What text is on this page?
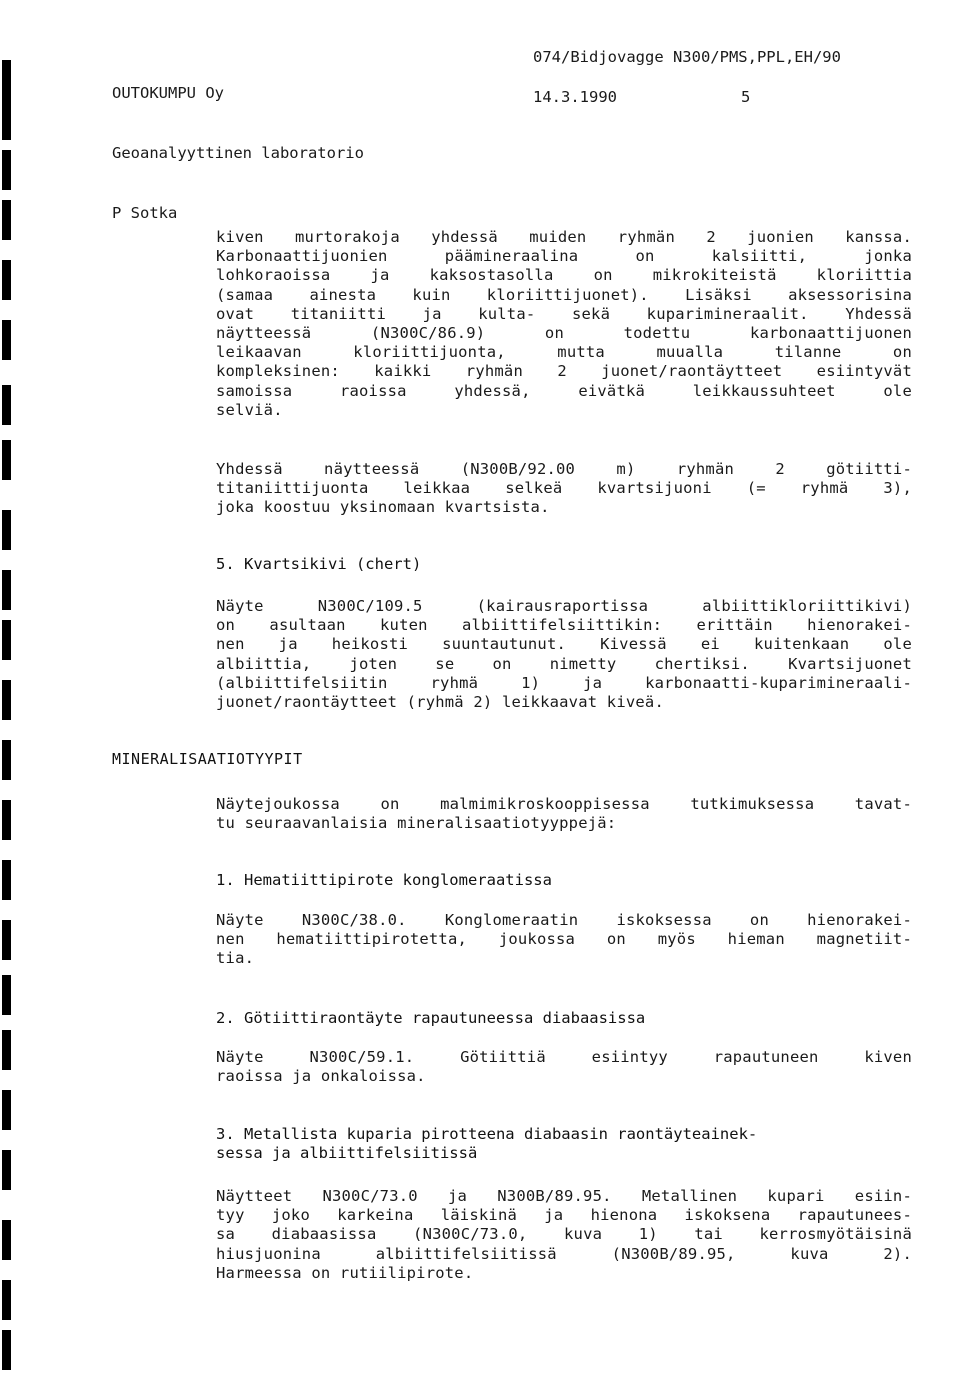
OUTOKUMPU Oy

Geoanalyyttinen laboratorio

P Sotka

074/Bidjovagge N300/PMS,PPL,EH/90
14.3.1990	5
kiven murtorakoja yhdessä muiden ryhmän 2 juonien kanssa.
Karbonaattijuonien päämineraalina on kalsiitti, jonka
lohkoraoissa ja kaksostasolla on mikrokiteistä kloriittia
(samaa ainesta kuin kloriittijuonet). Lisäksi aksessorisina
ovat titaniitti ja kulta- sekä kuparimineraalit. Yhdessä
näytteessä (N300C/86.9) on todettu karbonaattijuonen
leikaavan kloriittijuonta, mutta muualla tilanne on
kompleksinen: kaikki ryhmän 2 juonet/raontäytteet esiintyvät
samoissa raoissa yhdessä, eivätkä leikkaussuhteet ole
selviä.
Yhdessä näytteessä (N300B/92.00 m) ryhmän 2 götiitti-
titaniittijuonta leikkaa selkeä kvartsijuoni (= ryhmä 3),
joka koostuu yksinomaan kvartsista.
5. Kvartsikivi (chert)
Näyte N300C/109.5 (kairausraportissa albiittikloriittikivi)
on asultaan kuten albiittifelsiittikin: erittäin hienorakei-
nen ja heikosti suuntautunut. Kivessä ei kuitenkaan ole
albiittia, joten se on nimetty chertiksi. Kvartsijuonet
(albiittifelsiitin ryhmä 1) ja karbonaatti-kuparimineraali-
juonet/raontäytteet (ryhmä 2) leikkaavat kiveä.
MINERALISAATIOTYYPIT
Näytejoukossa on malmimikroskooppisessa tutkimuksessa tavat-
tu seuraavanlaisia mineralisaatiotyyppejä:
1. Hematiittipirote konglomeraatissa
Näyte N300C/38.0. Konglomeraatin iskoksessa on hienorakei-
nen hematiittipirotetta, joukossa on myös hieman magnetiit-
tia.
2. Götiittiraontäyte rapautuneessa diabaasissa
Näyte N300C/59.1. Götiittiä esiintyy rapautuneen kiven
raoissa ja onkaloissa.
3. Metallista kuparia pirotteena diabaasin raontäyteainek-
sessa ja albiittifelsiitissä
Näytteet N300C/73.0 ja N300B/89.95. Metallinen kupari esiin-
tyy joko karkeina läiskinä ja hienona iskoksena rapautunees-
sa diabaasissa (N300C/73.0, kuva 1) tai kerrosmyötäisinä
hiusjuonina albiittifelsiitissä (N300B/89.95, kuva 2).
Harmeessa on rutiilipirote.
